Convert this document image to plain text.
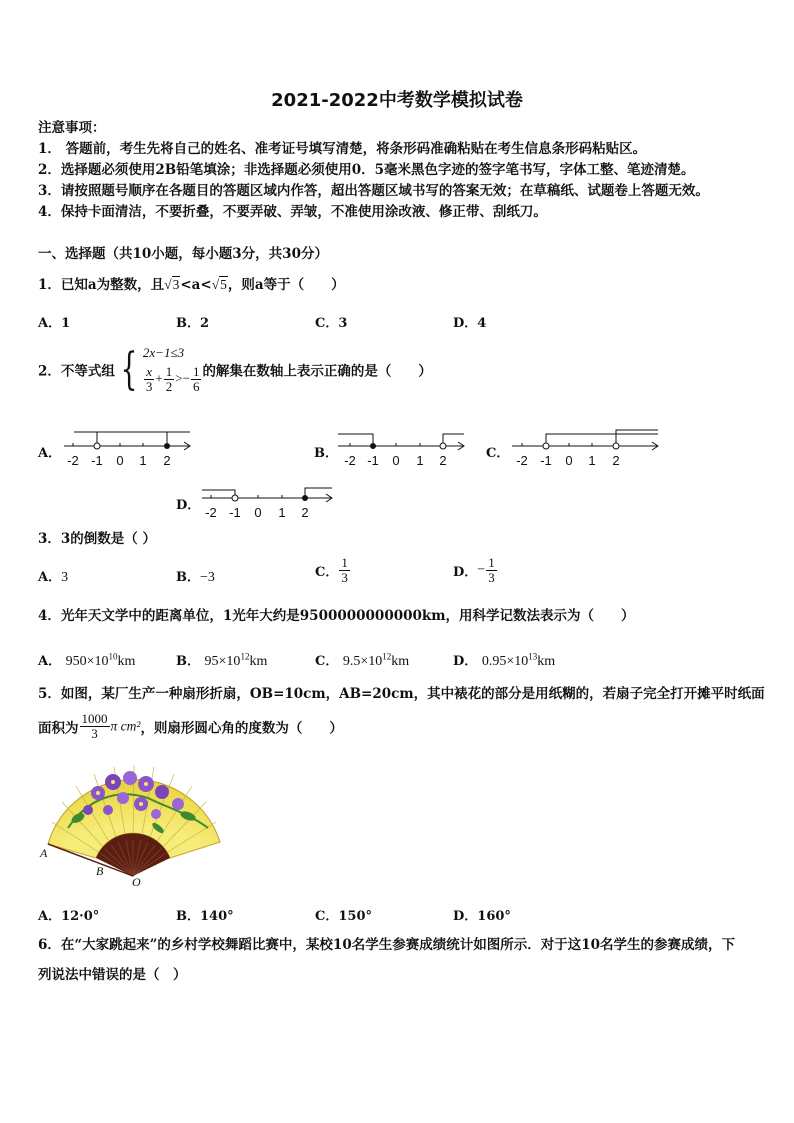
2021-2022中考数学模拟试卷
注意事项：
1． 答题前，考生先将自己的姓名、准考证号填写清楚，将条形码准确粘贴在考生信息条形码粘贴区。
2．选择题必须使用2B铅笔填涂；非选择题必须使用0．5毫米黑色字迹的签字笔书写，字体工整、笔迹清楚。
3．请按照题号顺序在各题目的答题区域内作答，超出答题区域书写的答案无效；在草稿纸、试题卷上答题无效。
4．保持卡面清洁，不要折叠，不要弄破、弄皱，不准使用涂改液、修正带、刮纸刀。
一、选择题（共10小题，每小题3分，共30分）
1．已知a为整数，且√3<a<√5，则a等于（　　）
A．1	B．2	C．3	D．4
2．不等式组 { 2x−1≤3
$\frac{x}{3} + \frac{1}{2} >- \frac{1}{6}$ 的解集在数轴上表示正确的是（　　）
A． -2 -1 0 1 2	B． -2 -1 0 1 2	C． -2 -1 0 1 2
D． -2 -1 0 1 2
3．3的倒数是（ ）
A．3	B．−3	C． $\frac{1}{3}$	D．− $\frac{1}{3}$
4．光年天文学中的距离单位，1光年大约是9500000000000km，用科学记数法表示为（　　）
A． $950\times 10^{10}km$	B． $95\times 10^{12}km$	C． $9.5\times 10^{12}km$	D． $0.95\times 10^{13}km$
5．如图，某厂生产一种扇形折扇，OB=10cm，AB=20cm，其中裱花的部分是用纸糊的，若扇子完全打开摊平时纸面
面积为 $\frac{1000}{3}$ π cm²，则扇形圆心角的度数为（　　）
A
B
O
A．12·0°	B．140°	C．150°	D．160°
6．在“大家跳起来”的乡村学校舞蹈比赛中，某校10名学生参赛成绩统计如图所示．对于这10名学生的参赛成绩，下
列说法中错误的是（　）
